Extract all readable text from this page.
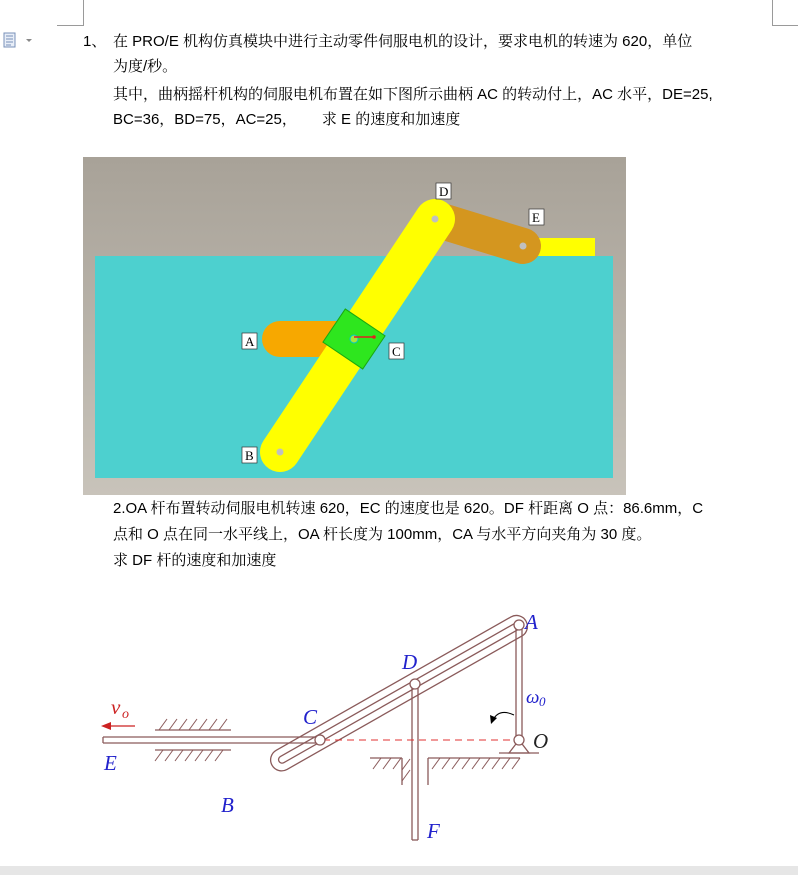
1、 在 PRO/E 机构仿真模块中进行主动零件伺服电机的设计，要求电机的转速为 620，单位
为度/秒。
其中，曲柄摇杆机构的伺服电机布置在如下图所示曲柄 AC 的转动付上，AC 水平，DE=25,
BC=36，BD=75，AC=25，      求 E 的速度和加速度
A
B
C
D
E
2.OA 杆布置转动伺服电机转速 620，EC 的速度也是 620。DF 杆距离 O 点：86.6mm，C
点和 O 点在同一水平线上，OA 杆长度为 100mm，CA 与水平方向夹角为 30 度。
求 DF 杆的速度和加速度
A
D
C
E
B
F
O
ω 0
v o
